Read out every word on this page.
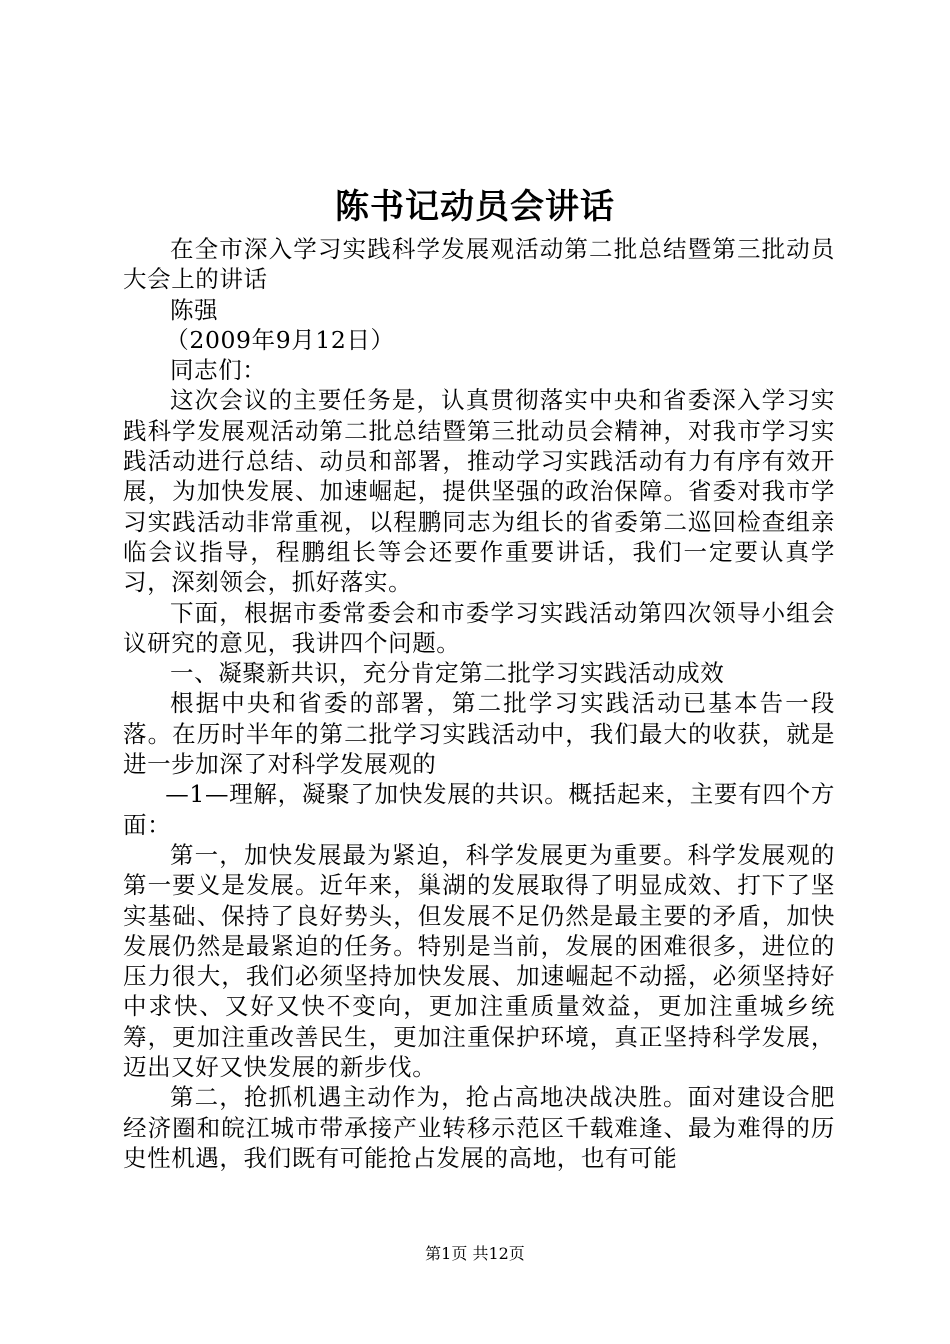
陈书记动员会讲话

在全市深入学习实践科学发展观活动第二批总结暨第三批动员大会上的讲话

陈强

（2009年9月12日）

同志们：

这次会议的主要任务是，认真贯彻落实中央和省委深入学习实践科学发展观活动第二批总结暨第三批动员会精神，对我市学习实践活动进行总结、动员和部署，推动学习实践活动有力有序有效开展，为加快发展、加速崛起，提供坚强的政治保障。省委对我市学习实践活动非常重视，以程鹏同志为组长的省委第二巡回检查组亲临会议指导，程鹏组长等会还要作重要讲话，我们一定要认真学习，深刻领会，抓好落实。

下面，根据市委常委会和市委学习实践活动第四次领导小组会议研究的意见，我讲四个问题。

一、凝聚新共识，充分肯定第二批学习实践活动成效

根据中央和省委的部署，第二批学习实践活动已基本告一段落。在历时半年的第二批学习实践活动中，我们最大的收获，就是进一步加深了对科学发展观的

—1—理解，凝聚了加快发展的共识。概括起来，主要有四个方面：

第一，加快发展最为紧迫，科学发展更为重要。科学发展观的第一要义是发展。近年来，巢湖的发展取得了明显成效、打下了坚实基础、保持了良好势头，但发展不足仍然是最主要的矛盾，加快发展仍然是最紧迫的任务。特别是当前，发展的困难很多，进位的压力很大，我们必须坚持加快发展、加速崛起不动摇，必须坚持好中求快、又好又快不变向，更加注重质量效益，更加注重城乡统筹，更加注重改善民生，更加注重保护环境，真正坚持科学发展，迈出又好又快发展的新步伐。

第二，抢抓机遇主动作为，抢占高地决战决胜。面对建设合肥经济圈和皖江城市带承接产业转移示范区千载难逢、最为难得的历史性机遇，我们既有可能抢占发展的高地，也有可能

第1页 共12页
